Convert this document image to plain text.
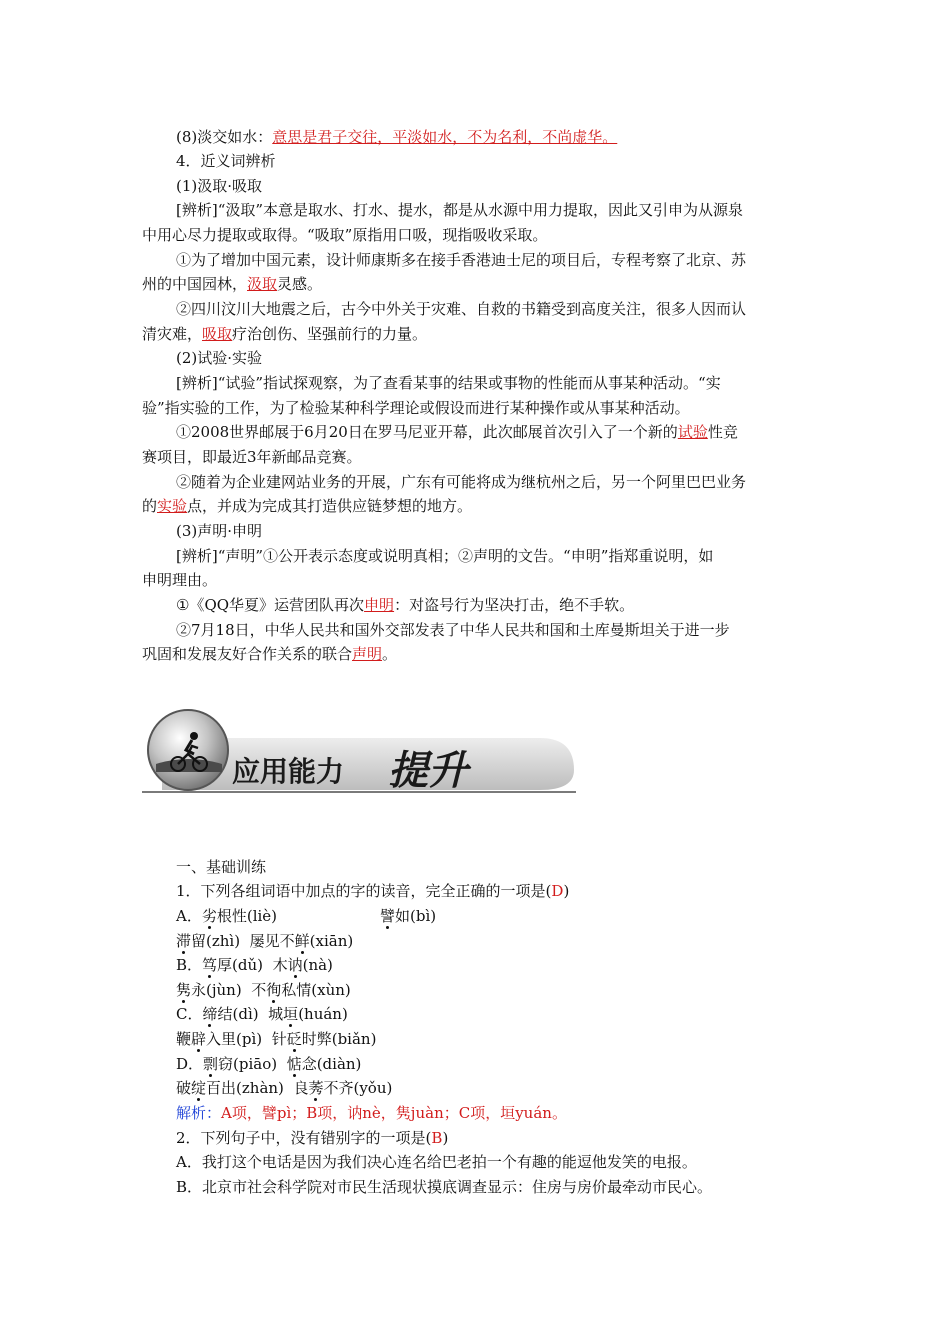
(8)淡交如水：意思是君子交往，平淡如水，不为名利，不尚虚华。
4．近义词辨析
(1)汲取·吸取
[辨析]“汲取”本意是取水、打水、提水，都是从水源中用力提取，因此又引申为从源泉
中用心尽力提取或取得。“吸取”原指用口吸，现指吸收采取。
①为了增加中国元素，设计师康斯多在接手香港迪士尼的项目后，专程考察了北京、苏
州的中国园林，汲取灵感。
②四川汶川大地震之后，古今中外关于灾难、自救的书籍受到高度关注，很多人因而认
清灾难，吸取疗治创伤、坚强前行的力量。
(2)试验·实验
[辨析]“试验”指试探观察，为了查看某事的结果或事物的性能而从事某种活动。“实
验”指实验的工作，为了检验某种科学理论或假设而进行某种操作或从事某种活动。
①2008世界邮展于6月20日在罗马尼亚开幕，此次邮展首次引入了一个新的试验性竞
赛项目，即最近3年新邮品竞赛。
②随着为企业建网站业务的开展，广东有可能将成为继杭州之后，另一个阿里巴巴业务
的实验点，并成为完成其打造供应链梦想的地方。
(3)声明·申明
[辨析]“声明”①公开表示态度或说明真相；②声明的文告。“申明”指郑重说明，如
申明理由。
①《QQ华夏》运营团队再次申明：对盗号行为坚决打击，绝不手软。
②7月18日，中华人民共和国外交部发表了中华人民共和国和土库曼斯坦关于进一步
巩固和发展友好合作关系的联合声明。
应用能力 提升
一、基础训练
1．下列各组词语中加点的字的读音，完全正确的一项是(D)
A．劣根性(liè)	譬如(bì)
滞留(zhì) 屡见不鲜(xiān)
B．笃厚(dǔ) 木讷(nà)
隽永(jùn) 不徇私情(xùn)
C．缔结(dì) 城垣(huán)
鞭辟入里(pì) 针砭时弊(biǎn)
D．剽窃(piāo) 惦念(diàn)
破绽百出(zhàn) 良莠不齐(yǒu)
解析：A项，譬pì；B项，讷nè，隽juàn；C项，垣yuán。
2．下列句子中，没有错别字的一项是(B)
A．我打这个电话是因为我们决心连名给巴老拍一个有趣的能逗他发笑的电报。
B．北京市社会科学院对市民生活现状摸底调查显示：住房与房价最牵动市民心。
